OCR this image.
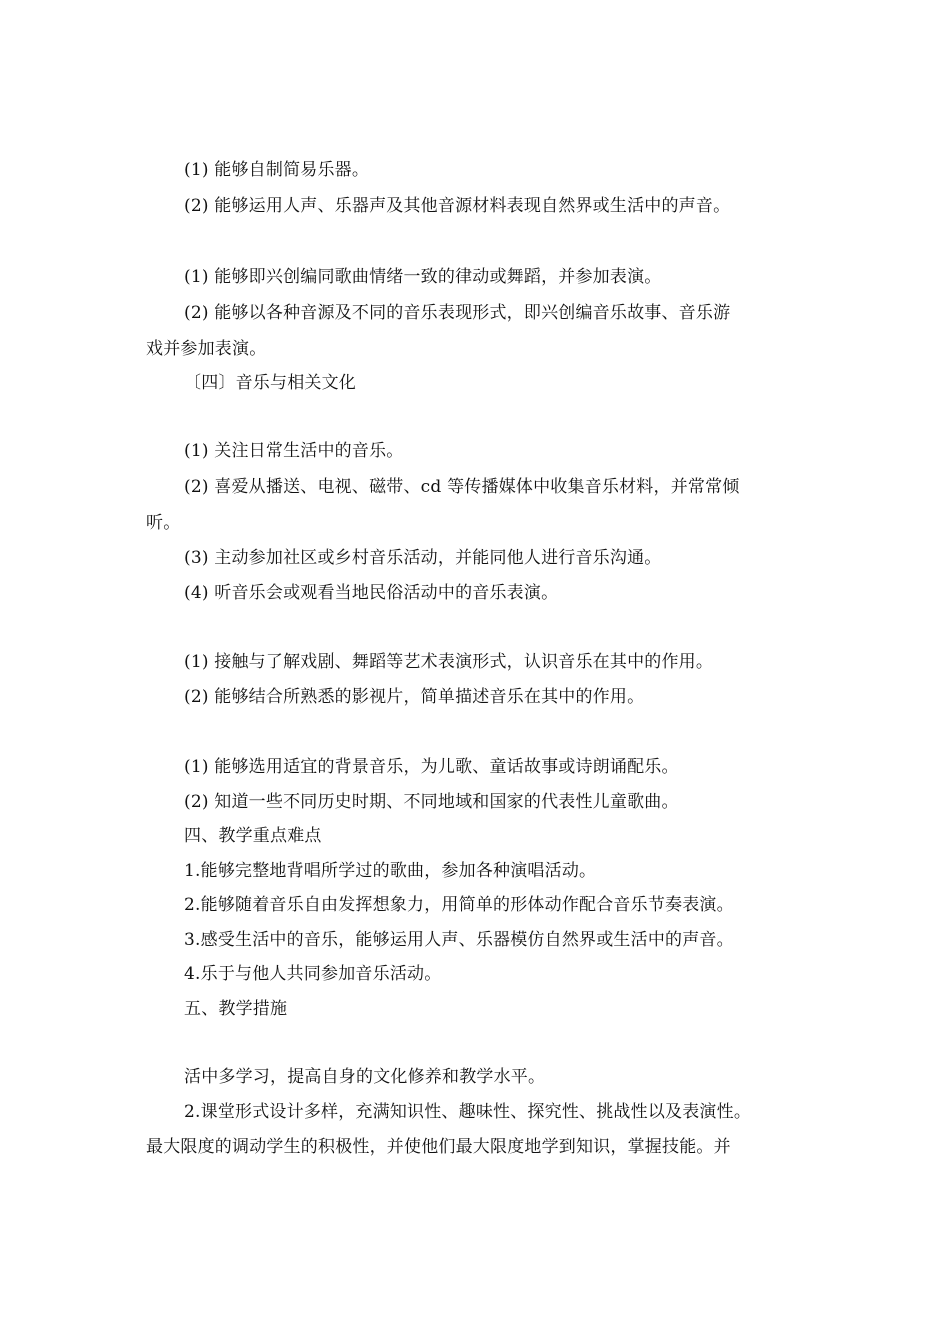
(1) 能够自制简易乐器。
(2) 能够运用人声、乐器声及其他音源材料表现自然界或生活中的声音。
(1) 能够即兴创编同歌曲情绪一致的律动或舞蹈，并参加表演。
(2) 能够以各种音源及不同的音乐表现形式，即兴创编音乐故事、音乐游
戏并参加表演。
〔四〕音乐与相关文化
(1) 关注日常生活中的音乐。
(2) 喜爱从播送、电视、磁带、cd 等传播媒体中收集音乐材料，并常常倾
听。
(3) 主动参加社区或乡村音乐活动，并能同他人进行音乐沟通。
(4) 听音乐会或观看当地民俗活动中的音乐表演。
(1) 接触与了解戏剧、舞蹈等艺术表演形式，认识音乐在其中的作用。
(2) 能够结合所熟悉的影视片，简单描述音乐在其中的作用。
(1) 能够选用适宜的背景音乐，为儿歌、童话故事或诗朗诵配乐。
(2) 知道一些不同历史时期、不同地域和国家的代表性儿童歌曲。
四、教学重点难点
1.能够完整地背唱所学过的歌曲，参加各种演唱活动。
2.能够随着音乐自由发挥想象力，用简单的形体动作配合音乐节奏表演。
3.感受生活中的音乐，能够运用人声、乐器模仿自然界或生活中的声音。
4.乐于与他人共同参加音乐活动。
五、教学措施
活中多学习，提高自身的文化修养和教学水平。
2.课堂形式设计多样，充满知识性、趣味性、探究性、挑战性以及表演性。
最大限度的调动学生的积极性，并使他们最大限度地学到知识，掌握技能。并
